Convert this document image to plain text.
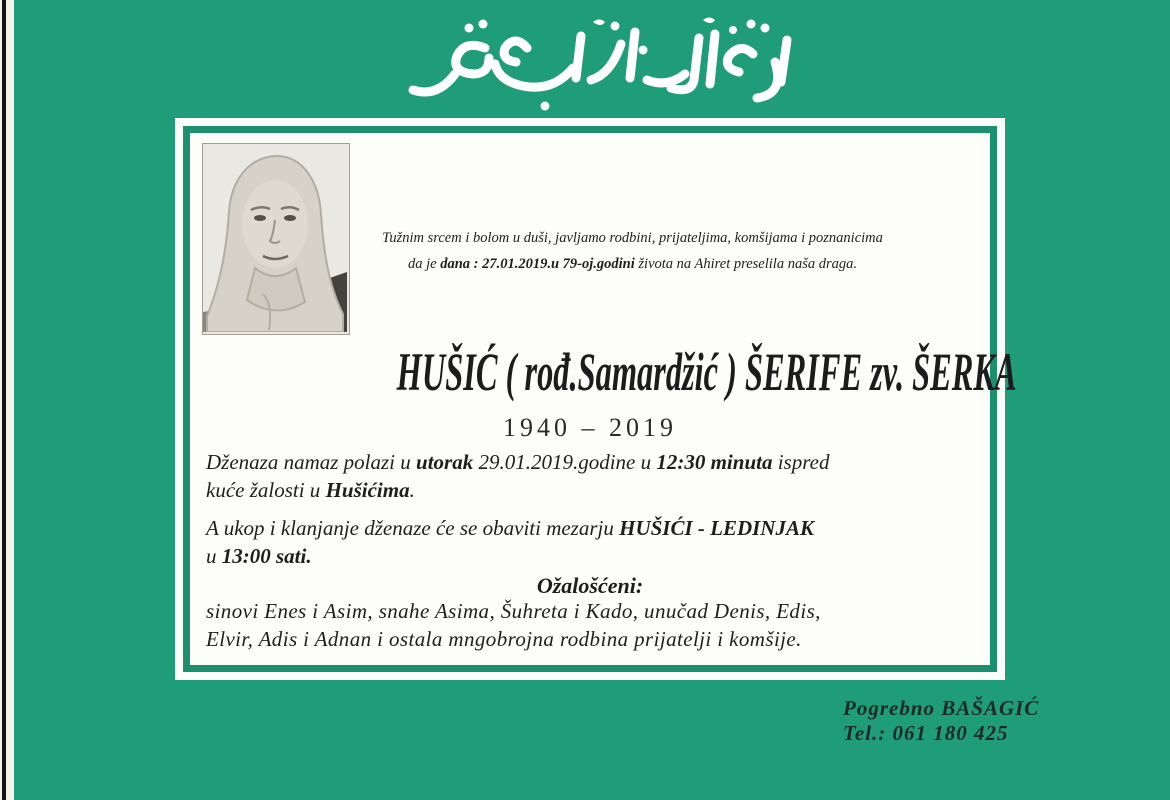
Tužnim srcem i bolom u duši, javljamo rodbini, prijateljima, komšijama i poznanicima
da je dana : 27.01.2019.u 79-oj.godini života na Ahiret preselila naša draga.
HUŠIĆ ( rođ.Samardžić ) ŠERIFE zv. ŠERKA
1940 – 2019
Dženaza namaz polazi u utorak 29.01.2019.godine u 12:30 minuta ispred
kuće žalosti u Hušićima.
A ukop i klanjanje dženaze će se obaviti mezarju HUŠIĆI - LEDINJAK
u 13:00 sati.
Ožalošćeni:
sinovi Enes i Asim, snahe Asima, Šuhreta i Kado, unučad Denis, Edis,
Elvir, Adis i Adnan i ostala mngobrojna rodbina prijatelji i komšije.
Pogrebno BAŠAGIĆ
Tel.: 061 180 425
